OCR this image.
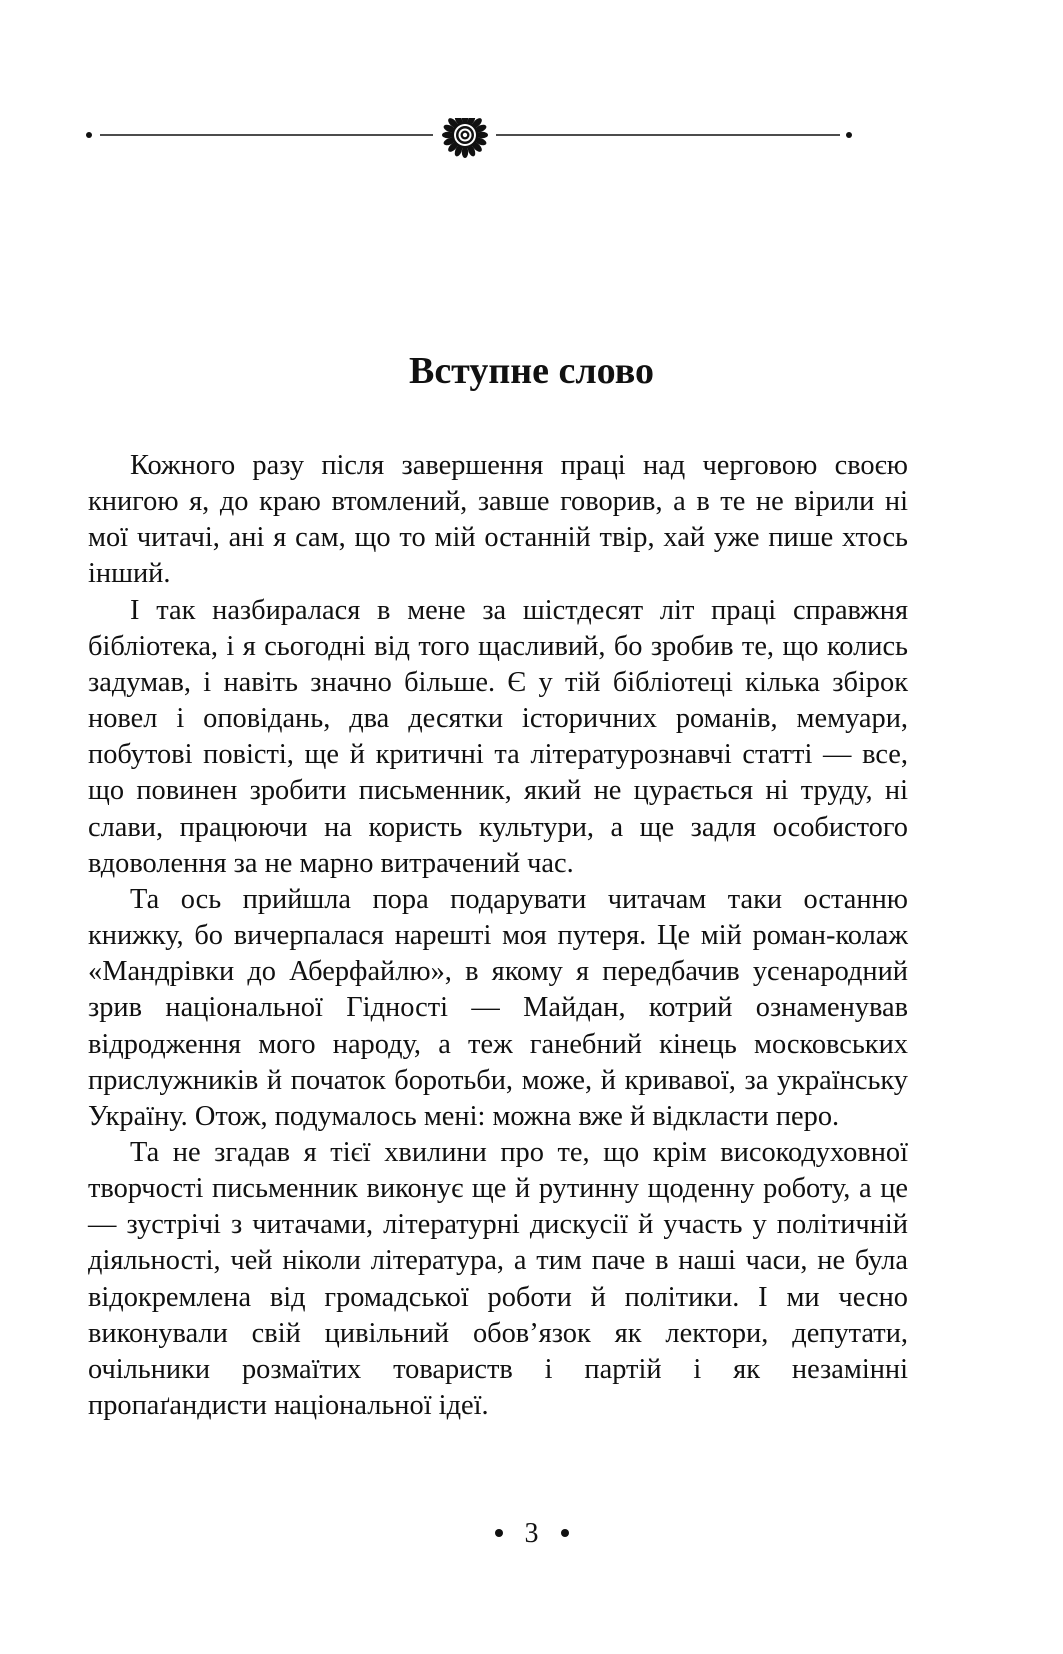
Вступне слово

Кожного разу після завершення праці над черговою своєю книгою я, до краю втомлений, завше говорив, а в те не вірили ні мої читачі, ані я сам, що то мій останній твір, хай уже пише хтось інший.

І так назбиралася в мене за шістдесят літ праці справжня бібліотека, і я сьогодні від того щасливий, бо зробив те, що колись задумав, і навіть значно більше. Є у тій бібліотеці кілька збірок новел і оповідань, два десятки історичних романів, мемуари, побутові повісті, ще й критичні та літературознавчі статті — все, що повинен зробити письменник, який не цурається ні труду, ні слави, працюючи на користь культури, а ще задля особистого вдоволення за не марно витрачений час.

Та ось прийшла пора подарувати читачам таки останню книжку, бо вичерпалася нарешті моя путеря. Це мій роман-колаж «Мандрівки до Аберфайлю», в якому я передбачив усенародний зрив національної Гідності — Майдан, котрий ознаменував відродження мого народу, а теж ганебний кінець московських прислужників й початок боротьби, може, й кривавої, за українську Україну. Отож, подумалось мені: можна вже й відкласти перо.

Та не згадав я тієї хвилини про те, що крім високодуховної творчості письменник виконує ще й рутинну щоденну роботу, а це — зустрічі з читачами, літературні дискусії й участь у політичній діяльності, чей ніколи література, а тим паче в наші часи, не була відокремлена від громадської роботи й політики. І ми чесно виконували свій цивільний обов’язок як лектори, депутати, очільники розмаїтих товариств і партій і як незамінні пропаґандисти національної ідеї.

3
